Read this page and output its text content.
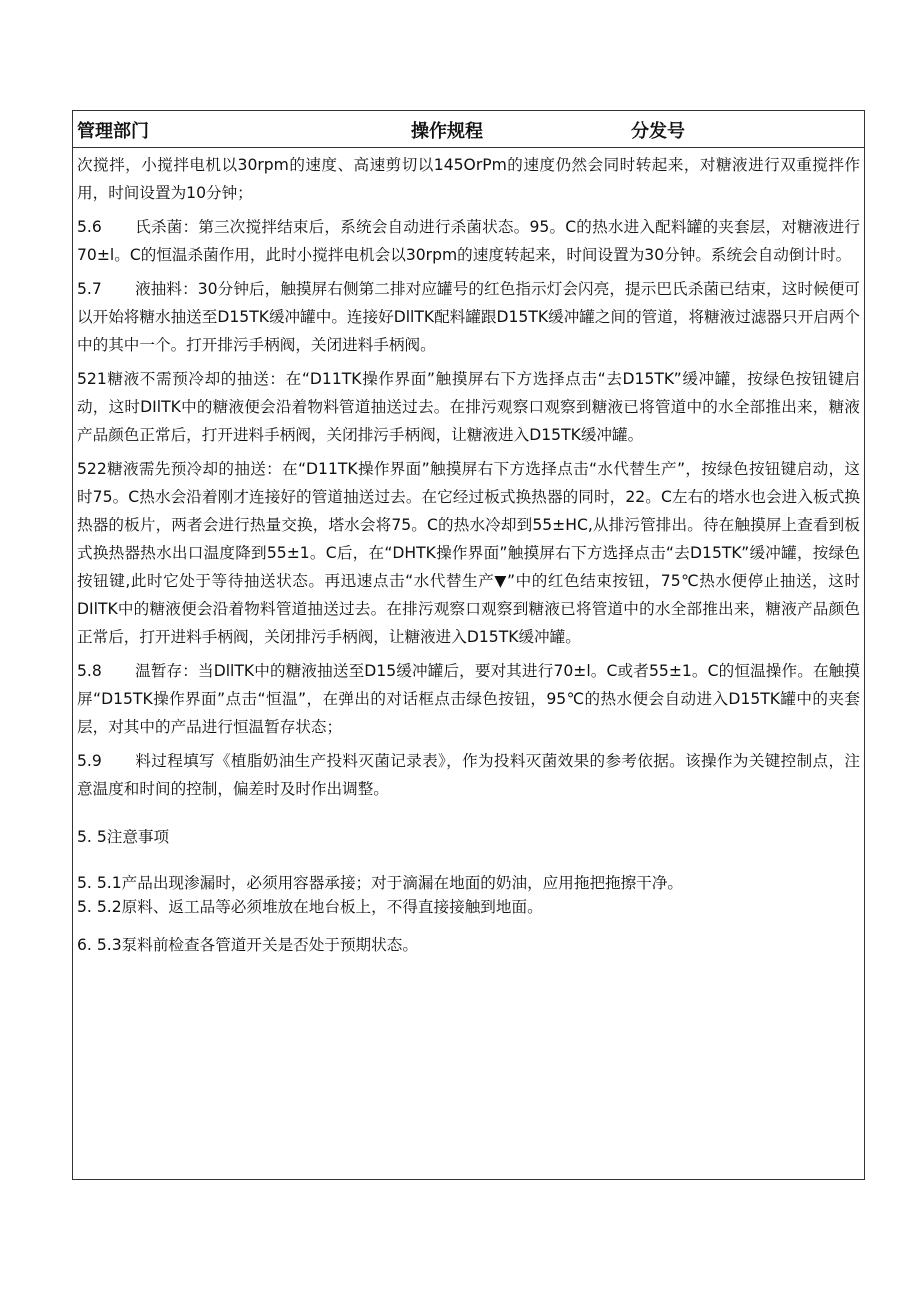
管理部门	操作规程	分发号

次搅拌，小搅拌电机以30rpm的速度、高速剪切以145OrPm的速度仍然会同时转起来，对糖液进行双重搅拌作用，时间设置为10分钟；

5.6 氏杀菌：第三次搅拌结束后，系统会自动进行杀菌状态。95。C的热水进入配料罐的夹套层，对糖液进行70±l。C的恒温杀菌作用，此时小搅拌电机会以30rpm的速度转起来，时间设置为30分钟。系统会自动倒计时。

5.7 液抽料：30分钟后，触摸屏右侧第二排对应罐号的红色指示灯会闪亮，提示巴氏杀菌已结束，这时候便可以开始将糖水抽送至D15TK缓冲罐中。连接好DllTK配料罐跟D15TK缓冲罐之间的管道，将糖液过滤器只开启两个中的其中一个。打开排污手柄阀，关闭进料手柄阀。

521糖液不需预冷却的抽送：在“D11TK操作界面”触摸屏右下方选择点击“去D15TK”缓冲罐，按绿色按钮键启动，这时DIlTK中的糖液便会沿着物料管道抽送过去。在排污观察口观察到糖液已将管道中的水全部推出来，糖液产品颜色正常后，打开进料手柄阀，关闭排污手柄阀，让糖液进入D15TK缓冲罐。

522糖液需先预冷却的抽送：在“D11TK操作界面”触摸屏右下方选择点击“水代替生产”，按绿色按钮键启动，这时75。C热水会沿着刚才连接好的管道抽送过去。在它经过板式换热器的同时，22。C左右的塔水也会进入板式换热器的板片，两者会进行热量交换，塔水会将75。C的热水冷却到55±HC,从排污管排出。待在触摸屏上查看到板式换热器热水出口温度降到55±1。C后，在“DHTK操作界面”触摸屏右下方选择点击“去D15TK”缓冲罐，按绿色按钮键,此时它处于等待抽送状态。再迅速点击“水代替生产▼”中的红色结束按钮，75℃热水便停止抽送，这时DIlTK中的糖液便会沿着物料管道抽送过去。在排污观察口观察到糖液已将管道中的水全部推出来，糖液产品颜色正常后，打开进料手柄阀，关闭排污手柄阀，让糖液进入D15TK缓冲罐。

5.8 温暂存：当DllTK中的糖液抽送至D15缓冲罐后，要对其进行70±l。C或者55±1。C的恒温操作。在触摸屏“D15TK操作界面”点击“恒温”，在弹出的对话框点击绿色按钮，95℃的热水便会自动进入D15TK罐中的夹套层，对其中的产品进行恒温暂存状态；

5.9 料过程填写《植脂奶油生产投料灭菌记录表》，作为投料灭菌效果的参考依据。该操作为关键控制点，注意温度和时间的控制，偏差时及时作出调整。

5. 5注意事项

5. 5.1产品出现渗漏时，必须用容器承接；对于滴漏在地面的奶油，应用拖把拖擦干净。

5. 5.2原料、返工品等必须堆放在地台板上，不得直接接触到地面。

6. 5.3泵料前检查各管道开关是否处于预期状态。
